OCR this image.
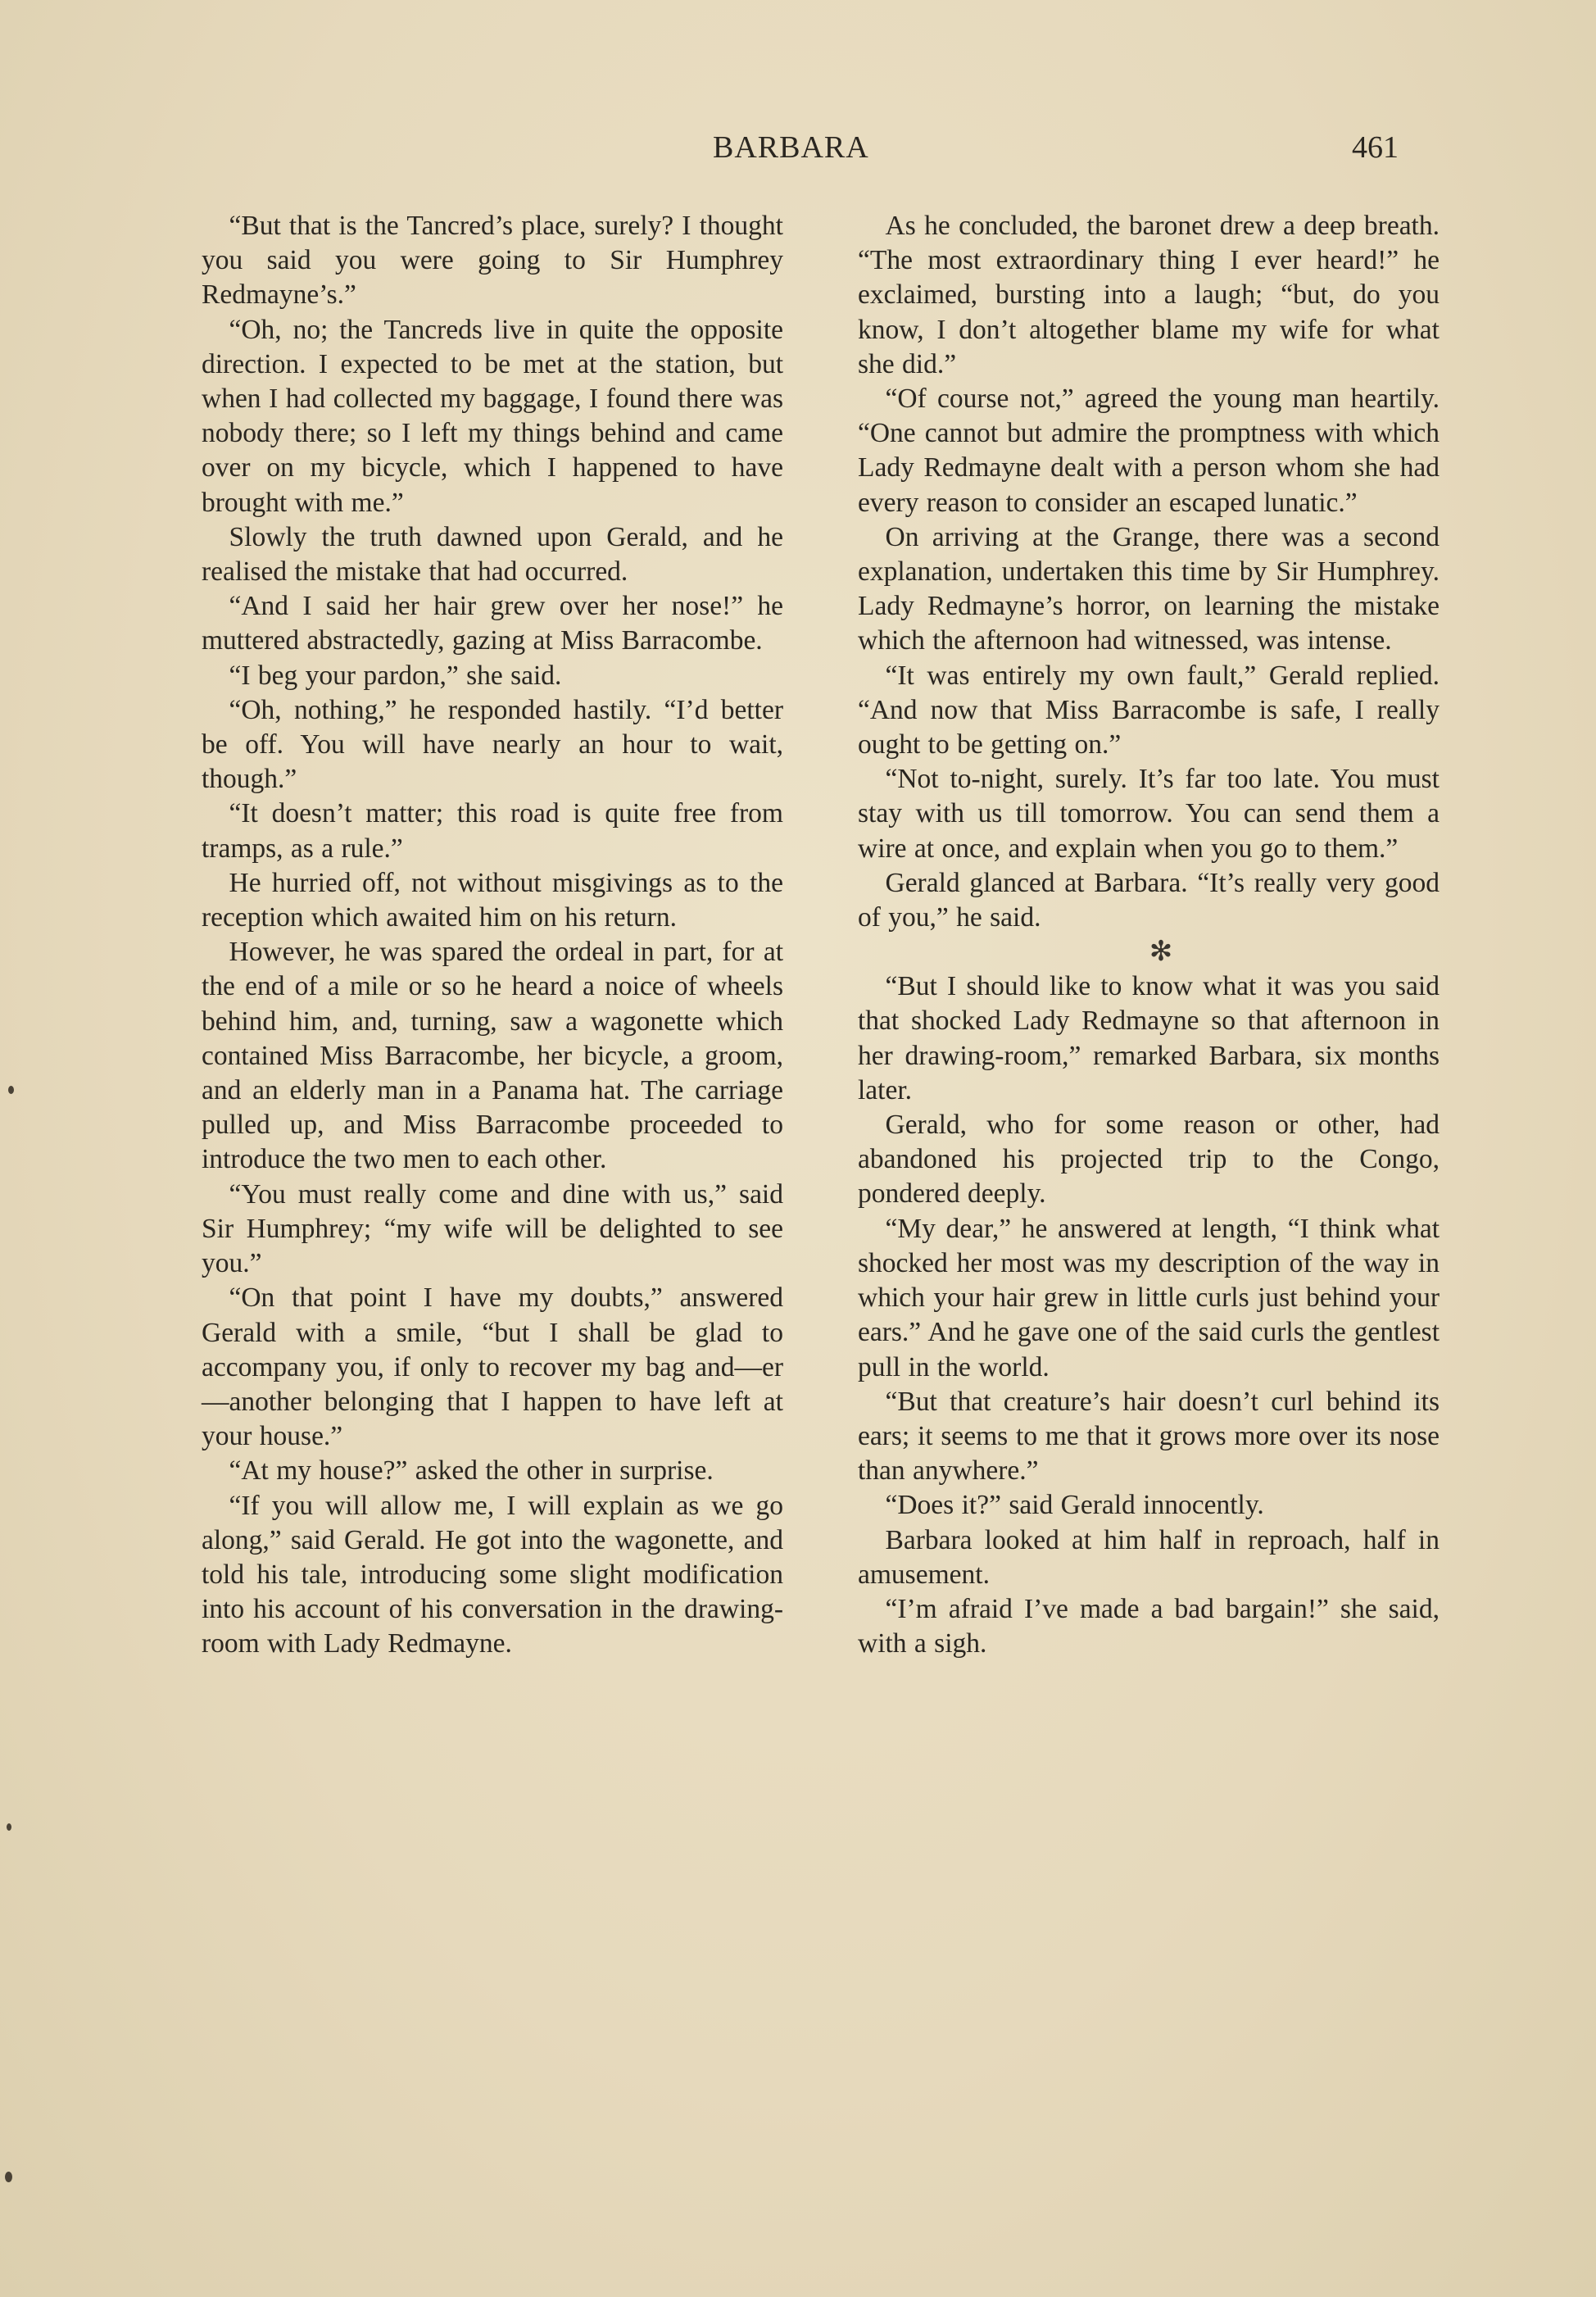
BARBARA	461

“But that is the Tancred’s place, surely? I thought you said you were going to Sir Humphrey Redmayne’s.”

“Oh, no; the Tancreds live in quite the opposite direction. I expected to be met at the station, but when I had collected my baggage, I found there was nobody there; so I left my things behind and came over on my bicycle, which I happened to have brought with me.”

Slowly the truth dawned upon Gerald, and he realised the mistake that had occurred.

“And I said her hair grew over her nose!” he muttered abstractedly, gazing at Miss Barracombe.

“I beg your pardon,” she said.

“Oh, nothing,” he responded hastily. “I’d better be off. You will have nearly an hour to wait, though.”

“It doesn’t matter; this road is quite free from tramps, as a rule.”

He hurried off, not without misgivings as to the reception which awaited him on his return.

However, he was spared the ordeal in part, for at the end of a mile or so he heard a noice of wheels behind him, and, turning, saw a wagonette which contained Miss Barracombe, her bicycle, a groom, and an elderly man in a Panama hat. The carriage pulled up, and Miss Barracombe proceeded to introduce the two men to each other.

“You must really come and dine with us,” said Sir Humphrey; “my wife will be delighted to see you.”

“On that point I have my doubts,” answered Gerald with a smile, “but I shall be glad to accompany you, if only to recover my bag and—er—another belonging that I happen to have left at your house.”

“At my house?” asked the other in surprise.

“If you will allow me, I will explain as we go along,” said Gerald. He got into the wagonette, and told his tale, introducing some slight modification into his account of his conversation in the drawing-room with Lady Redmayne.

As he concluded, the baronet drew a deep breath. “The most extraordinary thing I ever heard!” he exclaimed, bursting into a laugh; “but, do you know, I don’t altogether blame my wife for what she did.”

“Of course not,” agreed the young man heartily. “One cannot but admire the promptness with which Lady Redmayne dealt with a person whom she had every reason to consider an escaped lunatic.”

On arriving at the Grange, there was a second explanation, undertaken this time by Sir Humphrey. Lady Redmayne’s horror, on learning the mistake which the afternoon had witnessed, was intense.

“It was entirely my own fault,” Gerald replied. “And now that Miss Barracombe is safe, I really ought to be getting on.”

“Not to-night, surely. It’s far too late. You must stay with us till tomorrow. You can send them a wire at once, and explain when you go to them.”

Gerald glanced at Barbara. “It’s really very good of you,” he said.

✻

“But I should like to know what it was you said that shocked Lady Redmayne so that afternoon in her drawing-room,” remarked Barbara, six months later.

Gerald, who for some reason or other, had abandoned his projected trip to the Congo, pondered deeply.

“My dear,” he answered at length, “I think what shocked her most was my description of the way in which your hair grew in little curls just behind your ears.” And he gave one of the said curls the gentlest pull in the world.

“But that creature’s hair doesn’t curl behind its ears; it seems to me that it grows more over its nose than anywhere.”

“Does it?” said Gerald innocently.

Barbara looked at him half in reproach, half in amusement.

“I’m afraid I’ve made a bad bargain!” she said, with a sigh.
